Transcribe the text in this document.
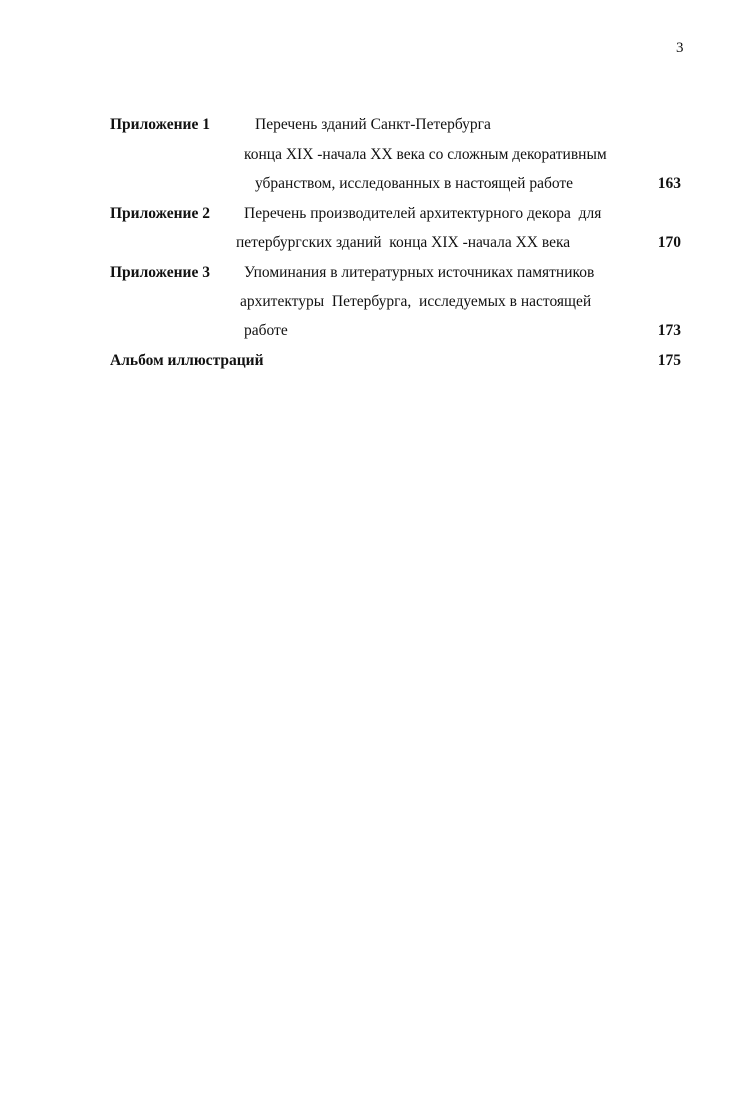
3
Приложение 1	Перечень зданий Санкт-Петербурга
конца XIX -начала XX века со сложным декоративным
убранством, исследованных в настоящей работе	163
Приложение 2 Перечень производителей архитектурного декора  для
петербургских зданий  конца XIX -начала XX века	170
Приложение 3 Упоминания в литературных источниках памятников
архитектуры  Петербурга,  исследуемых в настоящей
работе	173
Альбом иллюстраций	175
